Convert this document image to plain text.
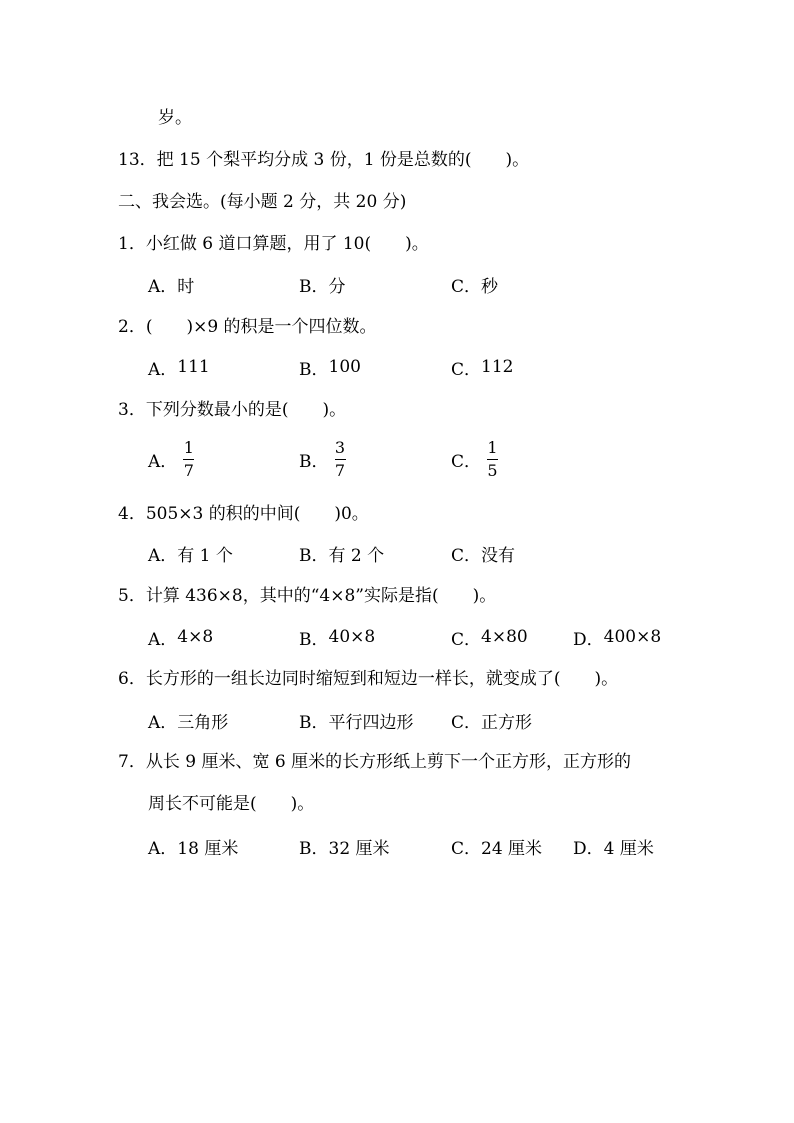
岁。
13．把 15 个梨平均分成 3 份，1 份是总数的(　　)。
二、我会选。(每小题 2 分，共 20 分)
1．小红做 6 道口算题，用了 10(　　)。
A． 时	B． 分	C． 秒
2．(　　)×9 的积是一个四位数。
A． 111	B． 100	C． 112
3．下列分数最小的是(　　)。
A． $\frac{1}{7}$	B． $\frac{3}{7}$	C． $\frac{1}{5}$
4．505×3 的积的中间(　　)0。
A． 有 1 个	B． 有 2 个	C． 没有
5．计算 436×8，其中的“4×8”实际是指(　　)。
A． 4×8	B． 40×8	C． 4×80	D． 400×8
6．长方形的一组长边同时缩短到和短边一样长，就变成了(　　)。
A． 三角形	B． 平行四边形 C． 正方形
7．从长 9 厘米、宽 6 厘米的长方形纸上剪下一个正方形，正方形的
周长不可能是(　　)。
A． 18 厘米	B． 32 厘米	C． 24 厘米 D． 4 厘米
